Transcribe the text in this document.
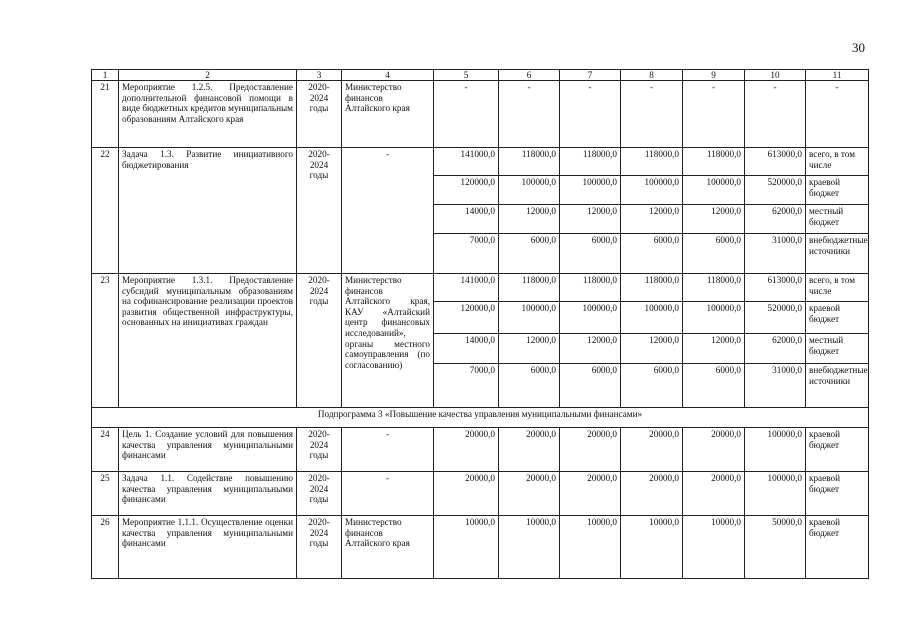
30
1	2	3	4	5	6	7	8	9	10	11
21	Мероприятие 1.2.5. Предоставление дополнительной финансовой помощи в виде бюджетных кредитов муниципальным образованиям Алтайского края	2020-2024 годы	Министерство финансов Алтайского края	-	-	-	-	-	-	-
22	Задача 1.3. Развитие инициативного бюджетирования	2020-2024 годы	-	141000,0	118000,0	118000,0	118000,0	118000,0	613000,0	всего, в том числе
				120000,0	100000,0	100000,0	100000,0	100000,0	520000,0	краевой бюджет
				14000,0	12000,0	12000,0	12000,0	12000,0	62000,0	местный бюджет
				7000,0	6000,0	6000,0	6000,0	6000,0	31000,0	внебюджетные источники
23	Мероприятие 1.3.1. Предоставление субсидий муниципальным образованиям на софинансирование реализации проектов развития общественной инфраструктуры, основанных на инициативах граждан	2020-2024 годы	Министерство финансов Алтайского края, КАУ «Алтайский центр финансовых исследований», органы местного самоуправления (по согласованию)	141000,0	118000,0	118000,0	118000,0	118000,0	613000,0	всего, в том числе
				120000,0	100000,0	100000,0	100000,0	100000,0	520000,0	краевой бюджет
				14000,0	12000,0	12000,0	12000,0	12000,0	62000,0	местный бюджет
				7000,0	6000,0	6000,0	6000,0	6000,0	31000,0	внебюджетные источники
Подпрограмма 3 «Повышение качества управления муниципальными финансами»										
24	Цель 1. Создание условий для повышения качества управления муниципальными финансами	2020-2024 годы	-	20000,0	20000,0	20000,0	20000,0	20000,0	100000,0	краевой бюджет
25	Задача 1.1. Содействие повышению качества управления муниципальными финансами	2020-2024 годы	-	20000,0	20000,0	20000,0	20000,0	20000,0	100000,0	краевой бюджет
26	Мероприятие 1.1.1. Осуществление оценки качества управления муниципальными финансами	2020-2024 годы	Министерство финансов Алтайского края	10000,0	10000,0	10000,0	10000,0	10000,0	50000,0	краевой бюджет
